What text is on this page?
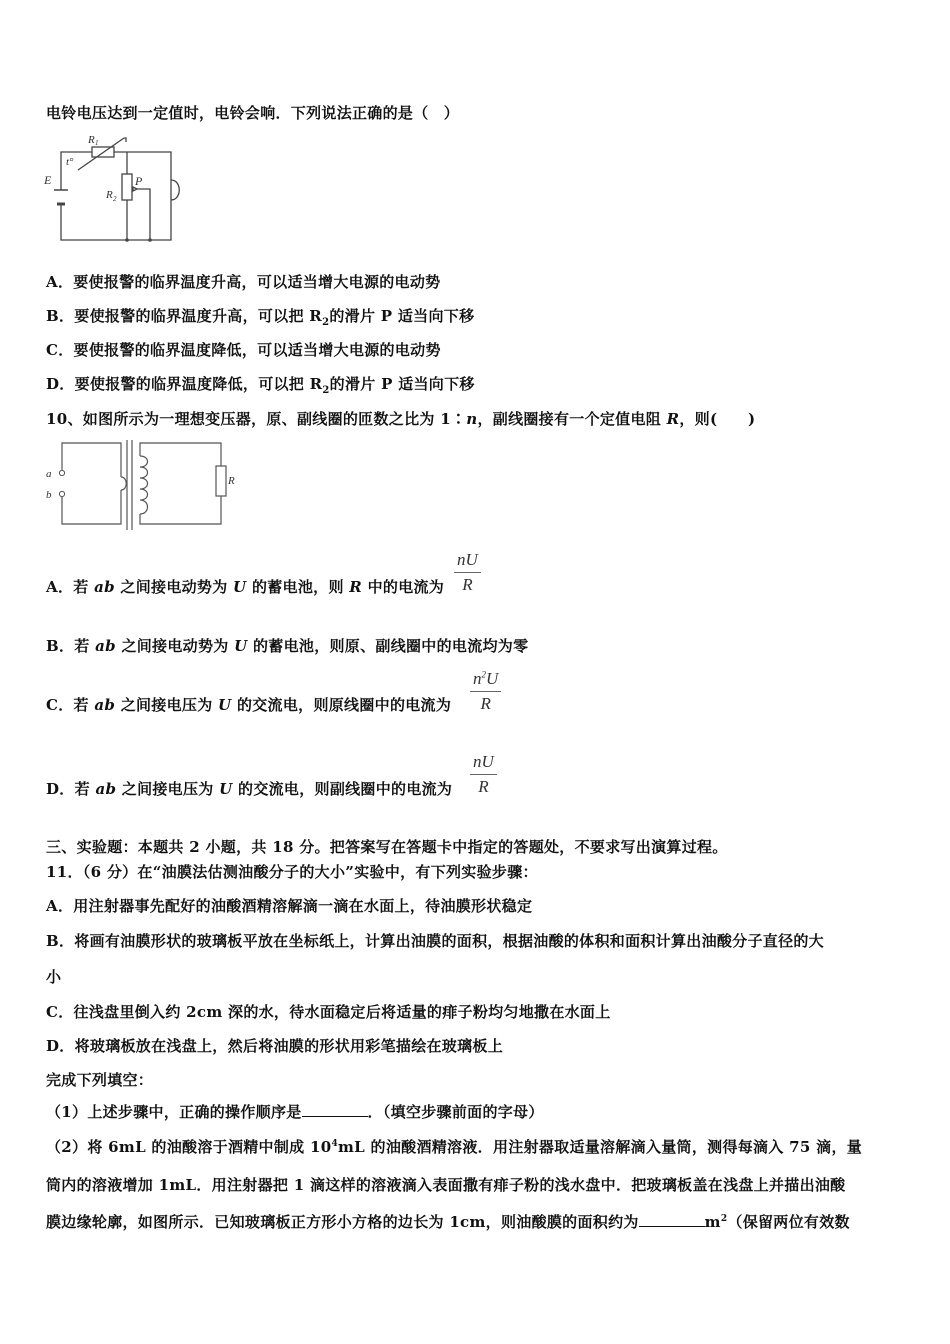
电铃电压达到一定值时，电铃会响．下列说法正确的是（　）
R 1
t°
E	P
R 2
A．要使报警的临界温度升高，可以适当增大电源的电动势
B．要使报警的临界温度升高，可以把 $R_2$的滑片 P 适当向下移
C．要使报警的临界温度降低，可以适当增大电源的电动势
D．要使报警的临界温度降低，可以把 $R_2$的滑片 P 适当向下移
10、如图所示为一理想变压器，原、副线圈的匝数之比为 1∶n，副线圈接有一个定值电阻 R，则(　　)
a
b
R
A．若 ab 之间接电动势为 U 的蓄电池，则 R 中的电流为 $\frac{nU}{R}$
B．若 ab 之间接电动势为 U 的蓄电池，则原、副线圈中的电流均为零
C．若 ab 之间接电压为 U 的交流电，则原线圈中的电流为 $\frac{n^2U}{R}$
D．若 ab 之间接电压为 U 的交流电，则副线圈中的电流为 $\frac{nU}{R}$
三、实验题：本题共 2 小题，共 18 分。把答案写在答题卡中指定的答题处，不要求写出演算过程。
11．（6 分）在“油膜法估测油酸分子的大小”实验中，有下列实验步骤：
A．用注射器事先配好的油酸酒精溶解滴一滴在水面上，待油膜形状稳定
B．将画有油膜形状的玻璃板平放在坐标纸上，计算出油膜的面积，根据油酸的体积和面积计算出油酸分子直径的大
小
C．往浅盘里倒入约 2cm 深的水，待水面稳定后将适量的痱子粉均匀地撒在水面上
D．将玻璃板放在浅盘上，然后将油膜的形状用彩笔描绘在玻璃板上
完成下列填空：
（1）上述步骤中，正确的操作顺序是	．（填空步骤前面的字母）
（2）将 6mL 的油酸溶于酒精中制成 $10^4mL$ 的油酸酒精溶液．用注射器取适量溶解滴入量筒，测得每滴入 75 滴，量
筒内的溶液增加 1mL．用注射器把 1 滴这样的溶液滴入表面撒有痱子粉的浅水盘中．把玻璃板盖在浅盘上并描出油酸
膜边缘轮廓，如图所示．已知玻璃板正方形小方格的边长为 1cm，则油酸膜的面积约为	$m^2$（保留两位有效数
